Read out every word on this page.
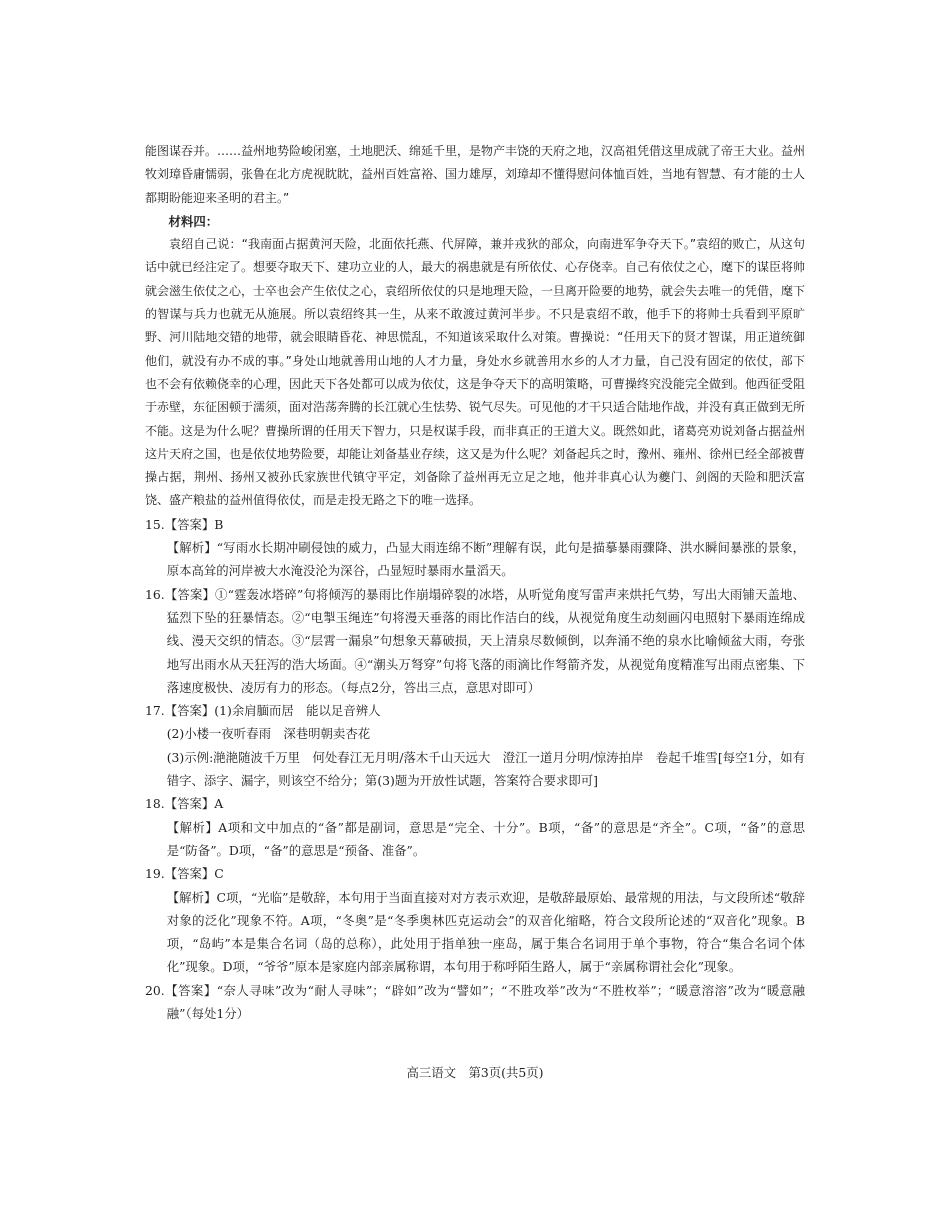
能图谋吞并。……益州地势险峻闭塞，土地肥沃、绵延千里，是物产丰饶的天府之地，汉高祖凭借这里成就了帝王大业。益州牧刘璋昏庸懦弱，张鲁在北方虎视眈眈，益州百姓富裕、国力雄厚，刘璋却不懂得慰问体恤百姓，当地有智慧、有才能的士人都期盼能迎来圣明的君主。”

材料四：

袁绍自己说：“我南面占据黄河天险，北面依托燕、代屏障，兼并戎狄的部众，向南进军争夺天下。”袁绍的败亡，从这句话中就已经注定了。想要夺取天下、建功立业的人，最大的祸患就是有所依仗、心存侥幸。自己有依仗之心，麾下的谋臣将帅就会滋生依仗之心，士卒也会产生依仗之心，袁绍所依仗的只是地理天险，一旦离开险要的地势，就会失去唯一的凭借，麾下的智谋与兵力也就无从施展。所以袁绍终其一生，从来不敢渡过黄河半步。不只是袁绍不敢，他手下的将帅士兵看到平原旷野、河川陆地交错的地带，就会眼睛昏花、神思慌乱，不知道该采取什么对策。曹操说：“任用天下的贤才智谋，用正道统御他们，就没有办不成的事。”身处山地就善用山地的人才力量，身处水乡就善用水乡的人才力量，自己没有固定的依仗，部下也不会有依赖侥幸的心理，因此天下各处都可以成为依仗，这是争夺天下的高明策略，可曹操终究没能完全做到。他西征受阻于赤壁，东征困顿于濡须，面对浩荡奔腾的长江就心生怯势、锐气尽失。可见他的才干只适合陆地作战，并没有真正做到无所不能。这是为什么呢？曹操所谓的任用天下智力，只是权谋手段，而非真正的王道大义。既然如此，诸葛亮劝说刘备占据益州这片天府之国，也是依仗地势险要，却能让刘备基业存续，这又是为什么呢？刘备起兵之时，豫州、雍州、徐州已经全部被曹操占据，荆州、扬州又被孙氏家族世代镇守平定，刘备除了益州再无立足之地，他并非真心认为夔门、剑阁的天险和肥沃富饶、盛产粮盐的益州值得依仗，而是走投无路之下的唯一选择。

15.【答案】B

【解析】“写雨水长期冲刷侵蚀的威力，凸显大雨连绵不断”理解有误，此句是描摹暴雨骤降、洪水瞬间暴涨的景象，原本高耸的河岸被大水淹没沦为深谷，凸显短时暴雨水量滔天。

16.【答案】①“霆轰冰塔碎”句将倾泻的暴雨比作崩塌碎裂的冰塔，从听觉角度写雷声来烘托气势，写出大雨铺天盖地、猛烈下坠的狂暴情态。②“电掣玉绳连”句将漫天垂落的雨比作洁白的线，从视觉角度生动刻画闪电照射下暴雨连绵成线、漫天交织的情态。③“层霄一漏泉”句想象天幕破损，天上清泉尽数倾倒，以奔涌不绝的泉水比喻倾盆大雨，夸张地写出雨水从天狂泻的浩大场面。④“潮头万弩穿”句将飞落的雨滴比作弩箭齐发，从视觉角度精准写出雨点密集、下落速度极快、凌厉有力的形态。（每点2分，答出三点，意思对即可）

17.【答案】(1)余肩腼而居　能以足音辨人

(2)小楼一夜听春雨　深巷明朝卖杏花

(3)示例:滟滟随波千万里　何处春江无月明/落木千山天远大　澄江一道月分明/惊涛拍岸　卷起千堆雪[每空1分，如有错字、添字、漏字，则该空不给分；第(3)题为开放性试题，答案符合要求即可]

18.【答案】A

【解析】A项和文中加点的“备”都是副词，意思是“完全、十分”。B项，“备”的意思是“齐全”。C项，“备”的意思是“防备”。D项，“备”的意思是“预备、准备”。

19.【答案】C

【解析】C项，“光临”是敬辞，本句用于当面直接对对方表示欢迎，是敬辞最原始、最常规的用法，与文段所述“敬辞对象的泛化”现象不符。A项，“冬奥”是“冬季奥林匹克运动会”的双音化缩略，符合文段所论述的“双音化”现象。B项，“岛屿”本是集合名词（岛的总称），此处用于指单独一座岛，属于集合名词用于单个事物，符合“集合名词个体化”现象。D项，“爷爷”原本是家庭内部亲属称谓，本句用于称呼陌生路人，属于“亲属称谓社会化”现象。

20.【答案】“奈人寻味”改为“耐人寻味”；“辟如”改为“譬如”；“不胜攻举”改为“不胜枚举”；“暖意溶溶”改为“暖意融融”（每处1分）

高三语文　第3页(共5页)
